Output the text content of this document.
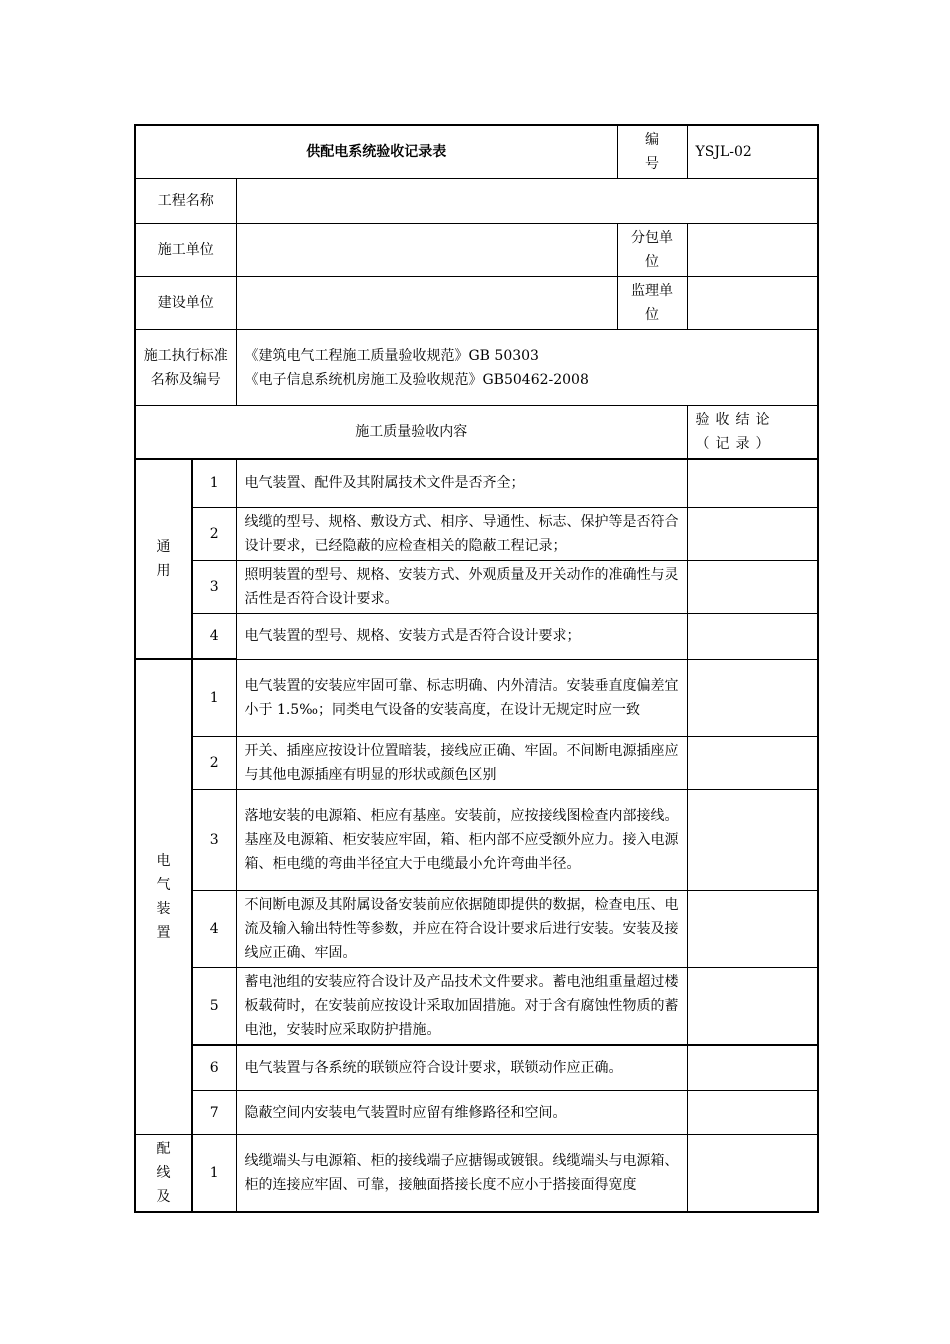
供配电系统验收记录表			编 号	YSJL-02
工程名称				
施工单位			分包单位	
建设单位			监理单位	
施工执行标准名称及编号		《建筑电气工程施工质量验收规范》GB 50303
《电子信息系统机房施工及验收规范》GB50462-2008		

施工质量验收内容				验收结论（记录）
通
用	1	电气装置、配件及其附属技术文件是否齐全；		
	2	线缆的型号、规格、敷设方式、相序、导通性、标志、保护等是否符合设计要求，已经隐蔽的应检查相关的隐蔽工程记录；		
	3	照明装置的型号、规格、安装方式、外观质量及开关动作的准确性与灵活性是否符合设计要求。		
	4	电气装置的型号、规格、安装方式是否符合设计要求；		
电
气
装
置	1	电气装置的安装应牢固可靠、标志明确、内外清洁。安装垂直度偏差宜小于 1.5‰；同类电气设备的安装高度，在设计无规定时应一致		
	2	开关、插座应按设计位置暗装，接线应正确、牢固。不间断电源插座应与其他电源插座有明显的形状或颜色区别		
	3	落地安装的电源箱、柜应有基座。安装前，应按接线图检查内部接线。基座及电源箱、柜安装应牢固，箱、柜内部不应受额外应力。接入电源箱、柜电缆的弯曲半径宜大于电缆最小允许弯曲半径。		
	4	不间断电源及其附属设备安装前应依据随即提供的数据，检查电压、电流及输入输出特性等参数，并应在符合设计要求后进行安装。安装及接线应正确、牢固。		
	5	蓄电池组的安装应符合设计及产品技术文件要求。蓄电池组重量超过楼板载荷时，在安装前应按设计采取加固措施。对于含有腐蚀性物质的蓄电池，安装时应采取防护措施。		
	6	电气装置与各系统的联锁应符合设计要求，联锁动作应正确。		
	7	隐蔽空间内安装电气装置时应留有维修路径和空间。		
配
线
及	1	线缆端头与电源箱、柜的接线端子应搪锡或镀银。线缆端头与电源箱、柜的连接应牢固、可靠，接触面搭接长度不应小于搭接面得宽度		
